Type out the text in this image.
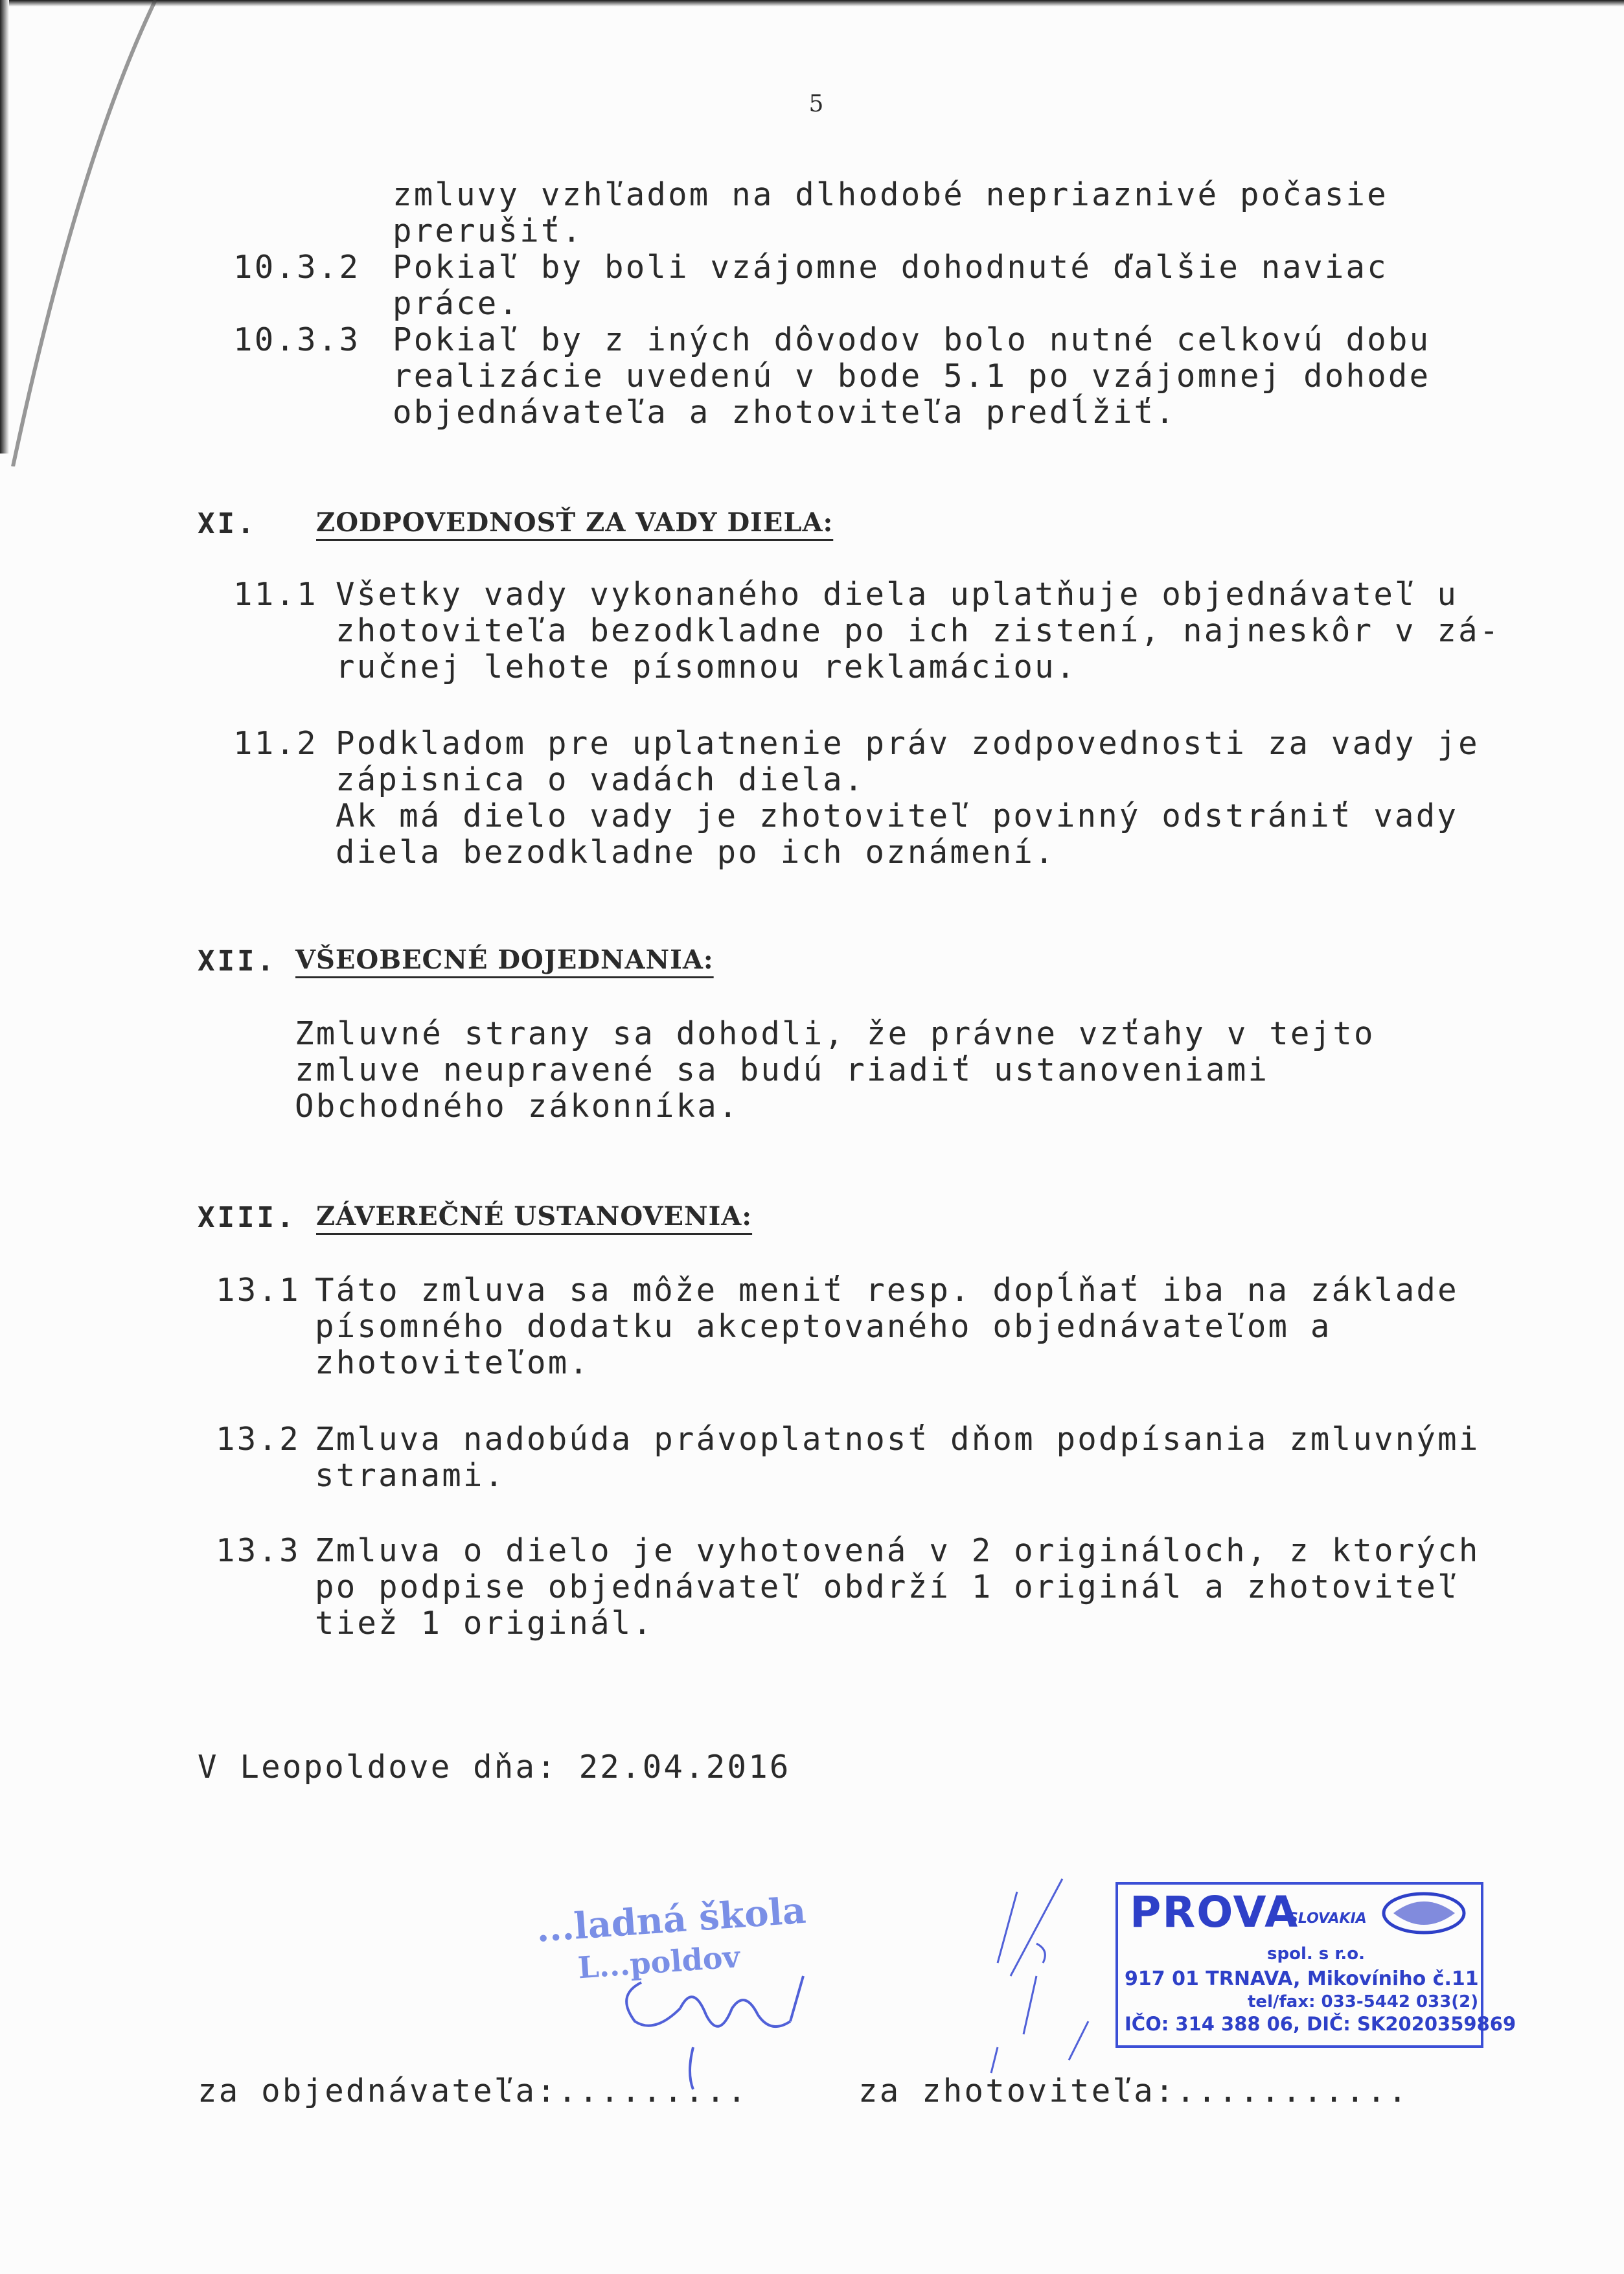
5
zmluvy vzhľadom na dlhodobé nepriaznivé počasie
prerušiť.
10.3.2 Pokiaľ by boli vzájomne dohodnuté ďalšie naviac
práce.
10.3.3 Pokiaľ by z iných dôvodov bolo nutné celkovú dobu
realizácie uvedenú v bode 5.1 po vzájomnej dohode
objednávateľa a zhotoviteľa predĺžiť.
XI. ZODPOVEDNOSŤ ZA VADY DIELA:
11.1 Všetky vady vykonaného diela uplatňuje objednávateľ u
zhotoviteľa bezodkladne po ich zistení, najneskôr v zá-
ručnej lehote písomnou reklamáciou.
11.2 Podkladom pre uplatnenie práv zodpovednosti za vady je
zápisnica o vadách diela.
Ak má dielo vady je zhotoviteľ povinný odstrániť vady
diela bezodkladne po ich oznámení.
XII. VŠEOBECNÉ DOJEDNANIA:
Zmluvné strany sa dohodli, že právne vzťahy v tejto
zmluve neupravené sa budú riadiť ustanoveniami
Obchodného zákonníka.
XIII. ZÁVEREČNÉ USTANOVENIA:
13.1 Táto zmluva sa môže meniť resp. dopĺňať iba na základe
písomného dodatku akceptovaného objednávateľom a
zhotoviteľom.
13.2 Zmluva nadobúda právoplatnosť dňom podpísania zmluvnými
stranami.
13.3 Zmluva o dielo je vyhotovená v 2 origináloch, z ktorých
po podpise objednávateľ obdrží 1 originál a zhotoviteľ
tiež 1 originál.
V Leopoldove dňa: 22.04.2016
...ladná škola
L...poldov
PROVA
SLOVAKIA
spol. s r.o.
917 01 TRNAVA, Mikovíniho č.11
tel/fax: 033-5442 033(2)
IČO: 314 388 06, DIČ: SK2020359869
za objednávateľa:.........	za zhotoviteľa:...........
